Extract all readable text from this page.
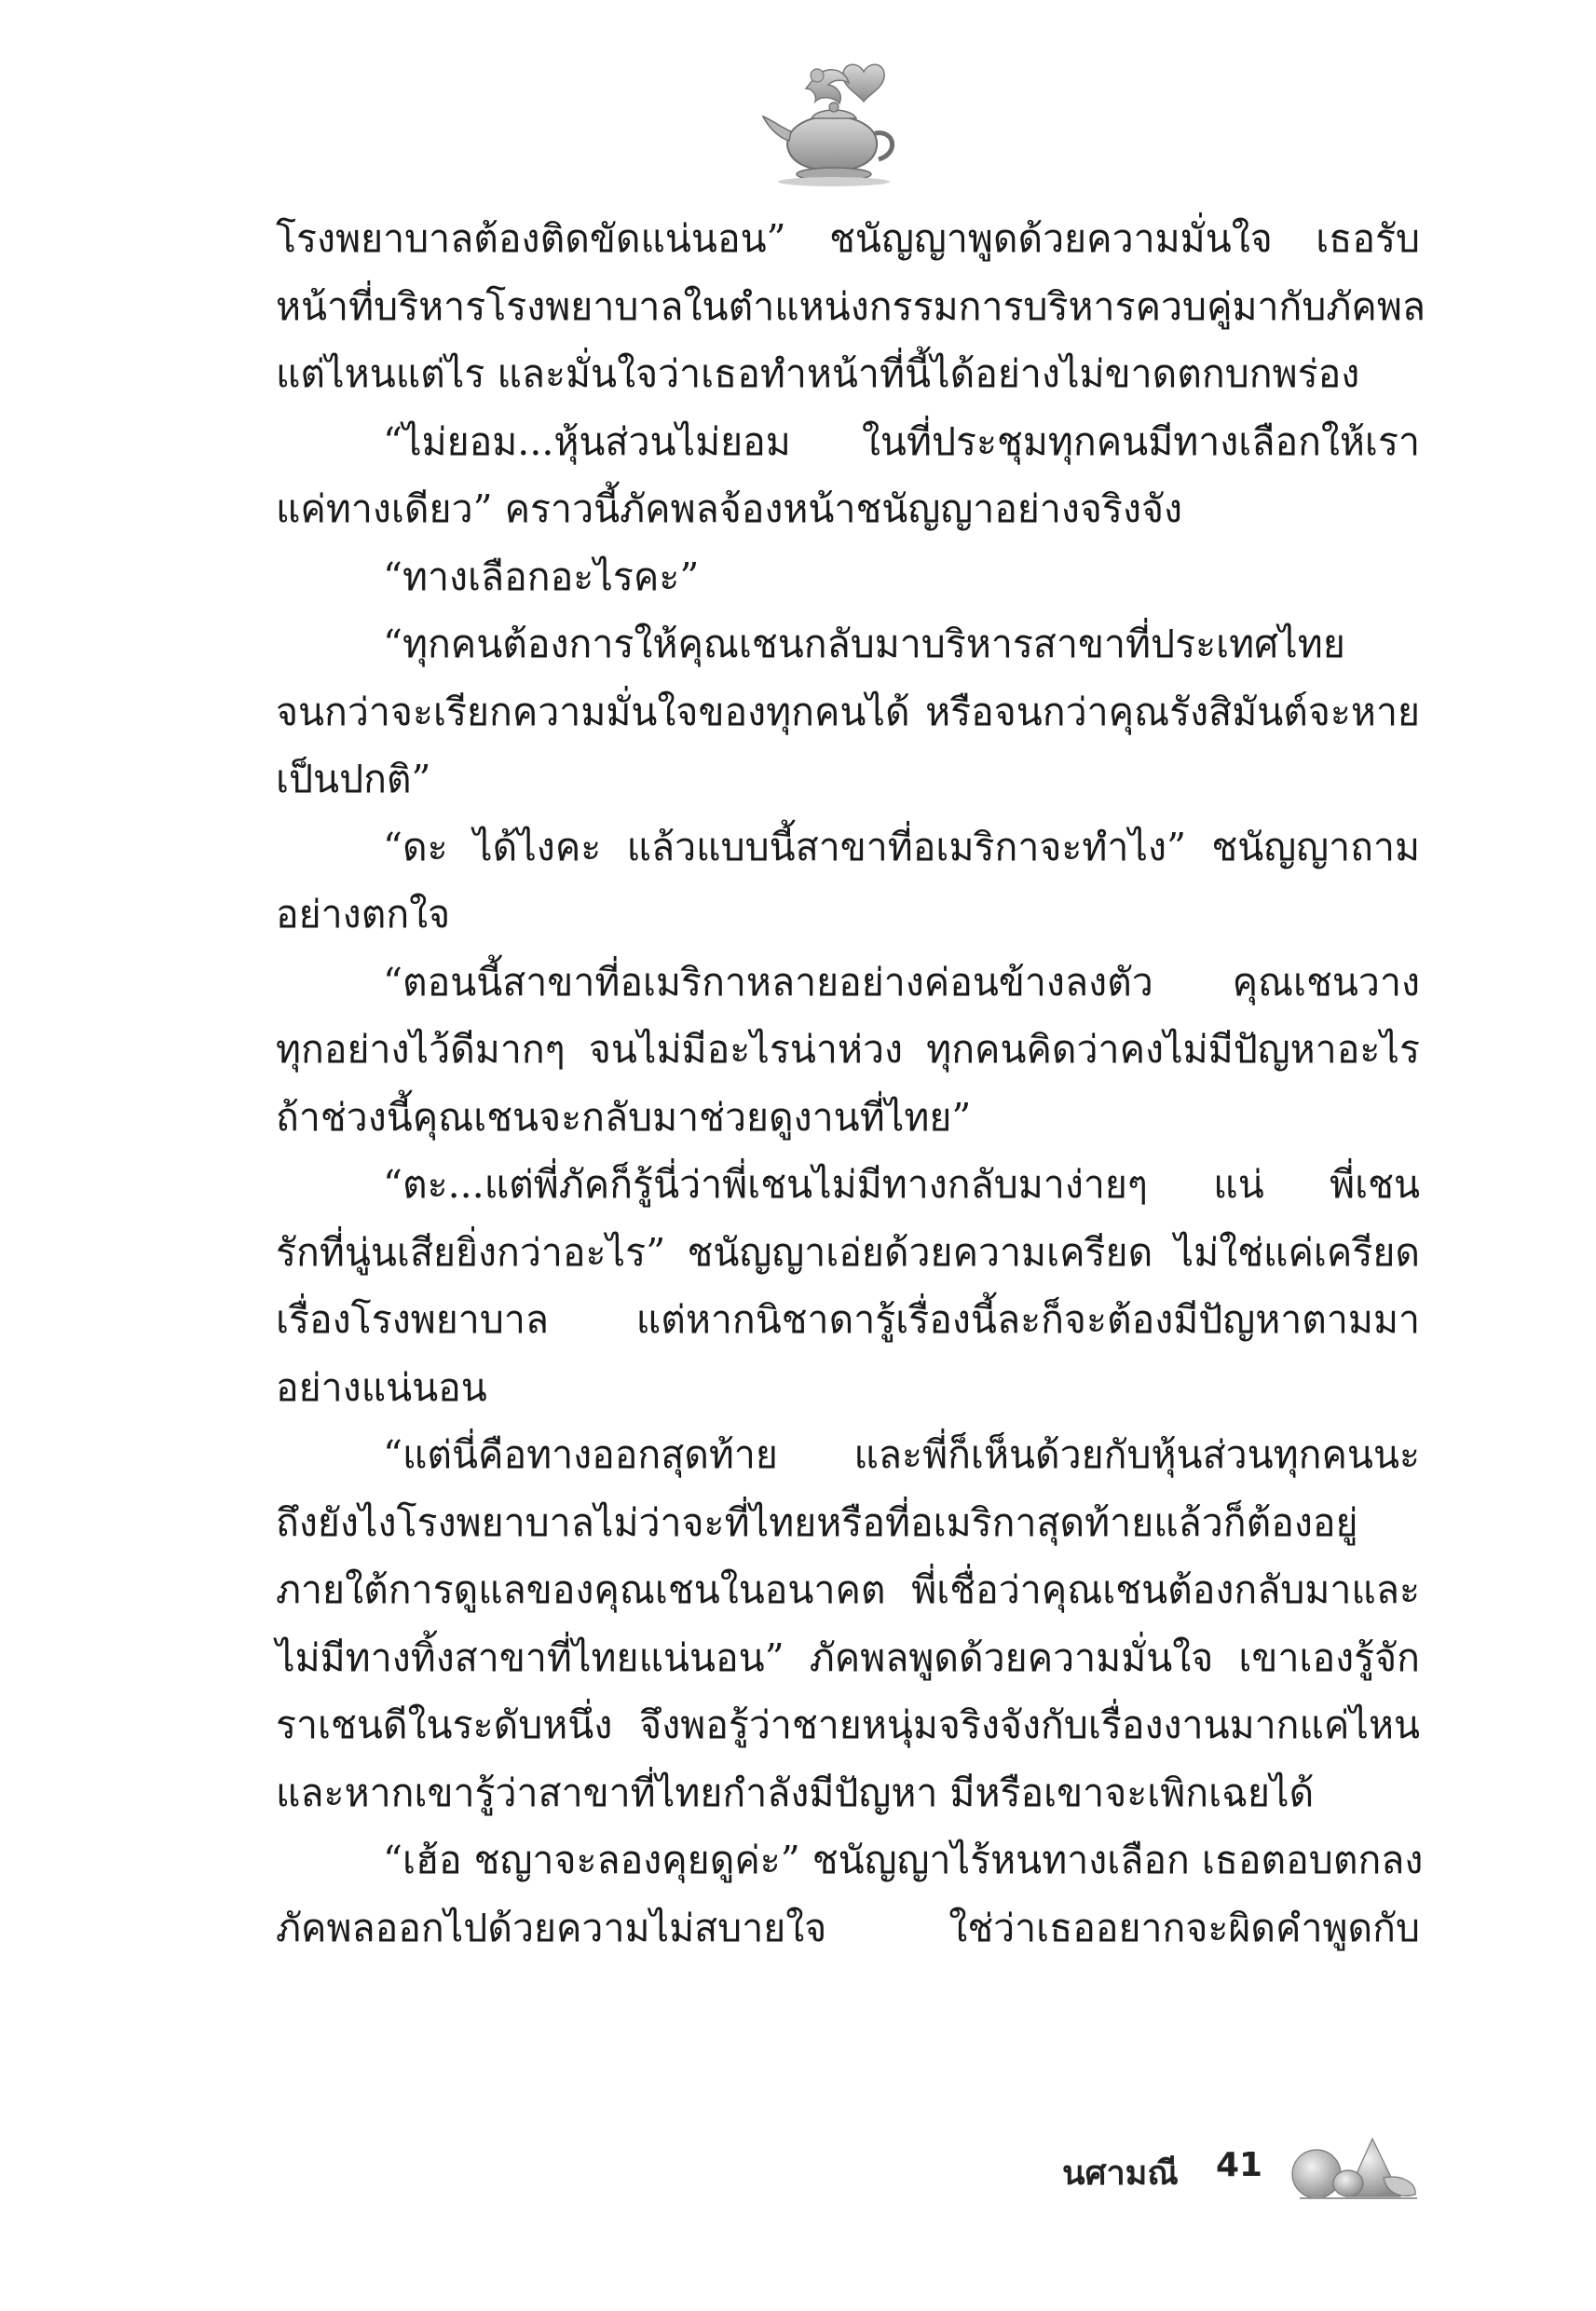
โรงพยาบาลต้องติดขัดแน่นอน” ชนัญญาพูดด้วยความมั่นใจ เธอรับ
หน้าที่บริหารโรงพยาบาลในตำแหน่งกรรมการบริหารควบคู่มากับภัคพล
แต่ไหนแต่ไร และมั่นใจว่าเธอทำหน้าที่นี้ได้อย่างไม่ขาดตกบกพร่อง
“ไม่ยอม...หุ้นส่วนไม่ยอม ในที่ประชุมทุกคนมีทางเลือกให้เรา
แค่ทางเดียว” คราวนี้ภัคพลจ้องหน้าชนัญญาอย่างจริงจัง
“ทางเลือกอะไรคะ”
“ทุกคนต้องการให้คุณเชนกลับมาบริหารสาขาที่ประเทศไทย
จนกว่าจะเรียกความมั่นใจของทุกคนได้ หรือจนกว่าคุณรังสิมันต์จะหาย
เป็นปกติ”
“ดะ ได้ไงคะ แล้วแบบนี้สาขาที่อเมริกาจะทำไง” ชนัญญาถาม
อย่างตกใจ
“ตอนนี้สาขาที่อเมริกาหลายอย่างค่อนข้างลงตัว คุณเชนวาง
ทุกอย่างไว้ดีมากๆ จนไม่มีอะไรน่าห่วง ทุกคนคิดว่าคงไม่มีปัญหาอะไร
ถ้าช่วงนี้คุณเชนจะกลับมาช่วยดูงานที่ไทย”
“ตะ...แต่พี่ภัคก็รู้นี่ว่าพี่เชนไม่มีทางกลับมาง่ายๆ แน่ พี่เชน
รักที่นู่นเสียยิ่งกว่าอะไร” ชนัญญาเอ่ยด้วยความเครียด ไม่ใช่แค่เครียด
เรื่องโรงพยาบาล แต่หากนิชาดารู้เรื่องนี้ละก็จะต้องมีปัญหาตามมา
อย่างแน่นอน
“แต่นี่คือทางออกสุดท้าย และพี่ก็เห็นด้วยกับหุ้นส่วนทุกคนนะ
ถึงยังไงโรงพยาบาลไม่ว่าจะที่ไทยหรือที่อเมริกาสุดท้ายแล้วก็ต้องอยู่
ภายใต้การดูแลของคุณเชนในอนาคต พี่เชื่อว่าคุณเชนต้องกลับมาและ
ไม่มีทางทิ้งสาขาที่ไทยแน่นอน” ภัคพลพูดด้วยความมั่นใจ เขาเองรู้จัก
ราเชนดีในระดับหนึ่ง จึงพอรู้ว่าชายหนุ่มจริงจังกับเรื่องงานมากแค่ไหน
และหากเขารู้ว่าสาขาที่ไทยกำลังมีปัญหา มีหรือเขาจะเพิกเฉยได้
“เฮ้อ ชญาจะลองคุยดูค่ะ” ชนัญญาไร้หนทางเลือก เธอตอบตกลง
ภัคพลออกไปด้วยความไม่สบายใจ ใช่ว่าเธออยากจะผิดคำพูดกับ
นศามณี 41
